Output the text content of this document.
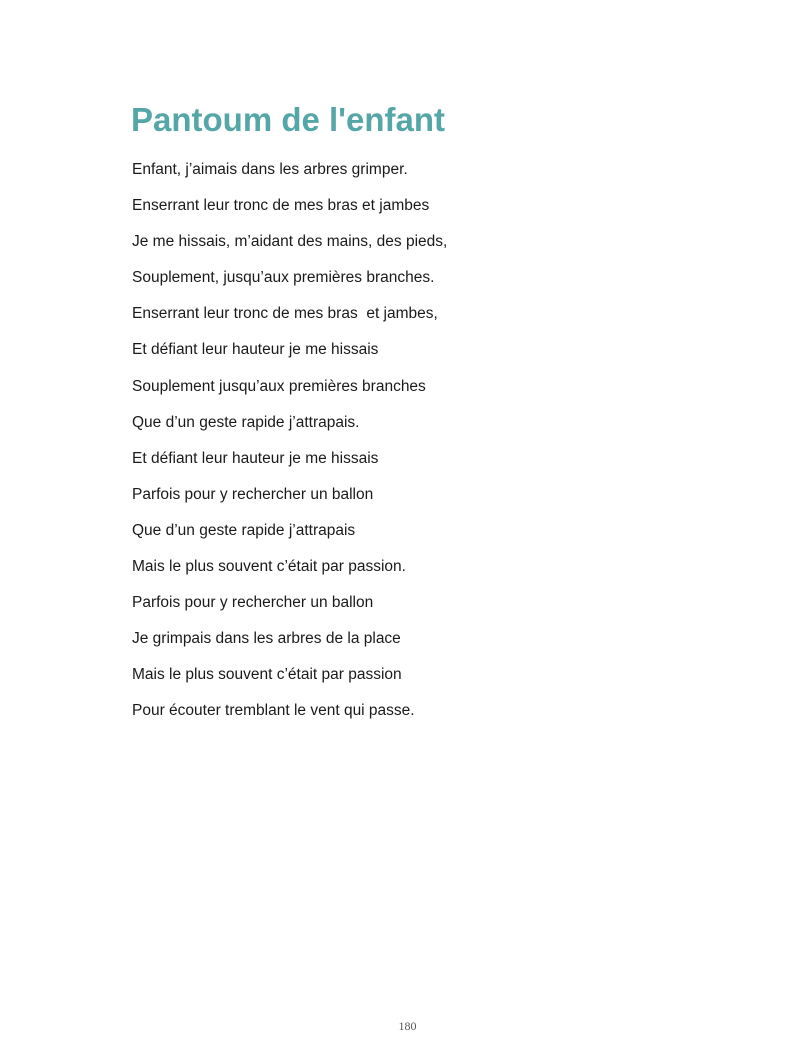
Pantoum de l'enfant
Enfant, j’aimais dans les arbres grimper.
Enserrant leur tronc de mes bras et jambes
Je me hissais, m’aidant des mains, des pieds,
Souplement, jusqu’aux premières branches.
Enserrant leur tronc de mes bras  et jambes,
Et défiant leur hauteur je me hissais
Souplement jusqu’aux premières branches
Que d’un geste rapide j’attrapais.
Et défiant leur hauteur je me hissais
Parfois pour y rechercher un ballon
Que d’un geste rapide j’attrapais
Mais le plus souvent c’était par passion.
Parfois pour y rechercher un ballon
Je grimpais dans les arbres de la place
Mais le plus souvent c’était par passion
Pour écouter tremblant le vent qui passe.
180
